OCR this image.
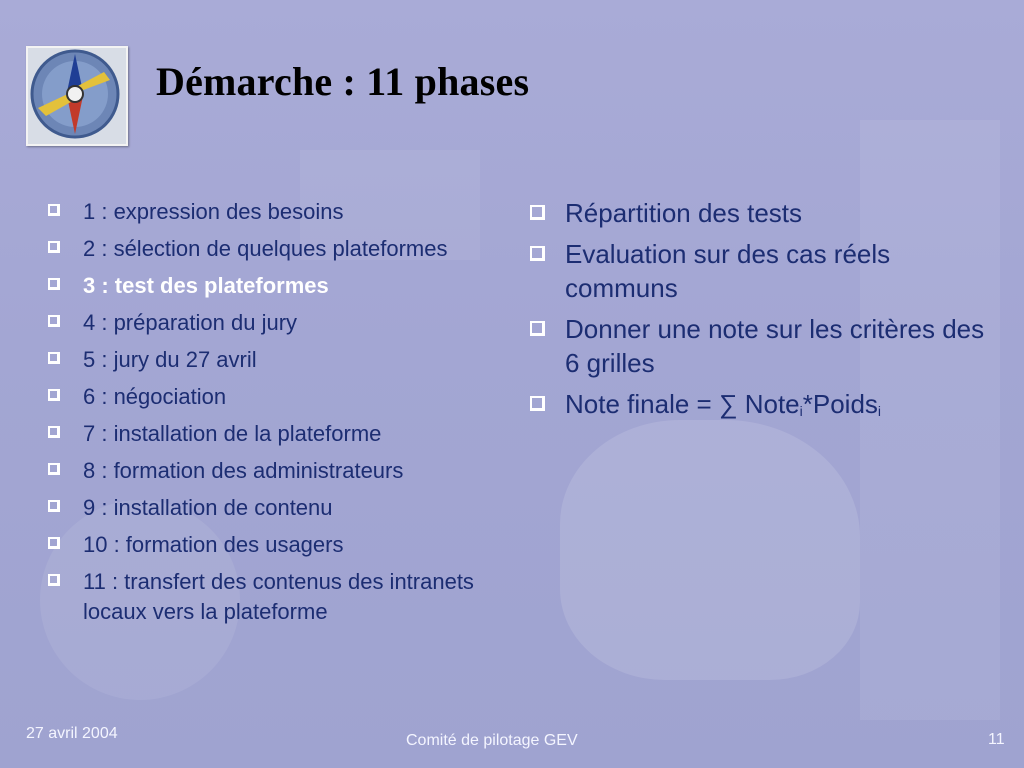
Démarche : 11 phases
1 : expression des besoins
2 : sélection de quelques plateformes
3 : test des plateformes
4 : préparation du jury
5 : jury du 27 avril
6 : négociation
7 : installation de la plateforme
8 : formation des administrateurs
9 : installation de contenu
10 : formation des usagers
11 : transfert des contenus des intranets locaux vers la plateforme
Répartition des tests
Evaluation sur des cas réels communs
Donner une note sur les critères des 6 grilles
Note finale = ∑ Note$_i$*Poids$_i$
27 avril 2004	Comité de pilotage GEV	11
